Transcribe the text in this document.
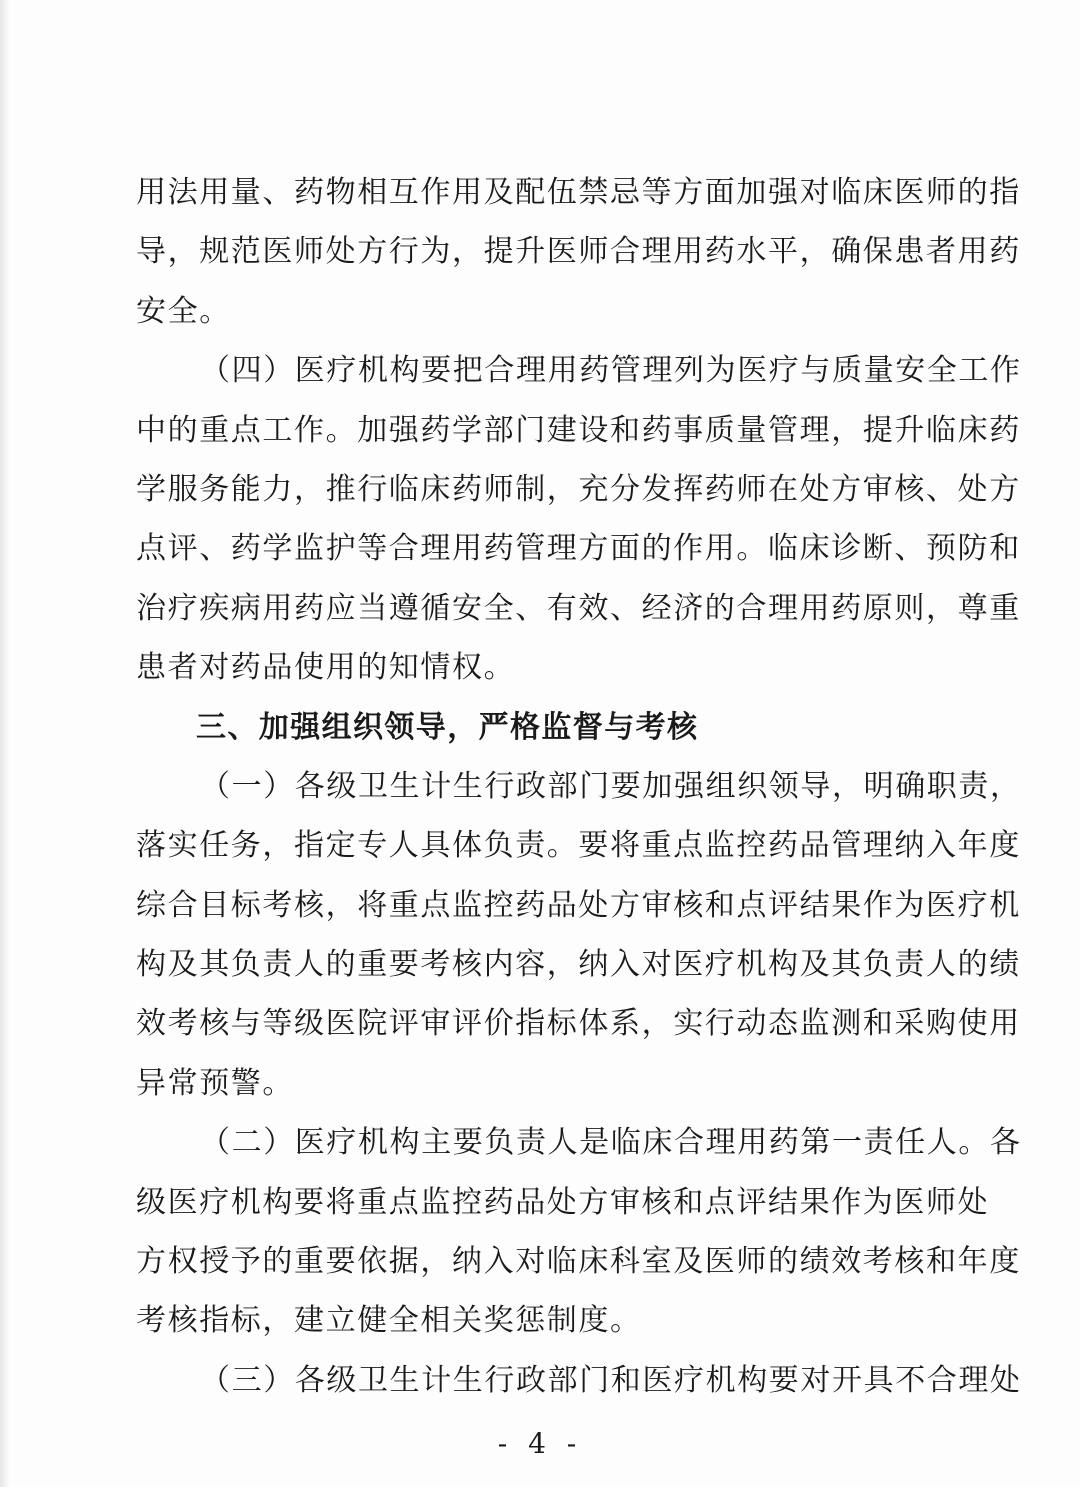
用法用量、药物相互作用及配伍禁忌等方面加强对临床医师的指
导，规范医师处方行为，提升医师合理用药水平，确保患者用药
安全。
（四）医疗机构要把合理用药管理列为医疗与质量安全工作
中的重点工作。加强药学部门建设和药事质量管理，提升临床药
学服务能力，推行临床药师制，充分发挥药师在处方审核、处方
点评、药学监护等合理用药管理方面的作用。临床诊断、预防和
治疗疾病用药应当遵循安全、有效、经济的合理用药原则，尊重
患者对药品使用的知情权。
三、加强组织领导，严格监督与考核
（一）各级卫生计生行政部门要加强组织领导，明确职责，
落实任务，指定专人具体负责。要将重点监控药品管理纳入年度
综合目标考核，将重点监控药品处方审核和点评结果作为医疗机
构及其负责人的重要考核内容，纳入对医疗机构及其负责人的绩
效考核与等级医院评审评价指标体系，实行动态监测和采购使用
异常预警。
（二）医疗机构主要负责人是临床合理用药第一责任人。各
级医疗机构要将重点监控药品处方审核和点评结果作为医师处
方权授予的重要依据，纳入对临床科室及医师的绩效考核和年度
考核指标，建立健全相关奖惩制度。
（三）各级卫生计生行政部门和医疗机构要对开具不合理处
- 4 -
